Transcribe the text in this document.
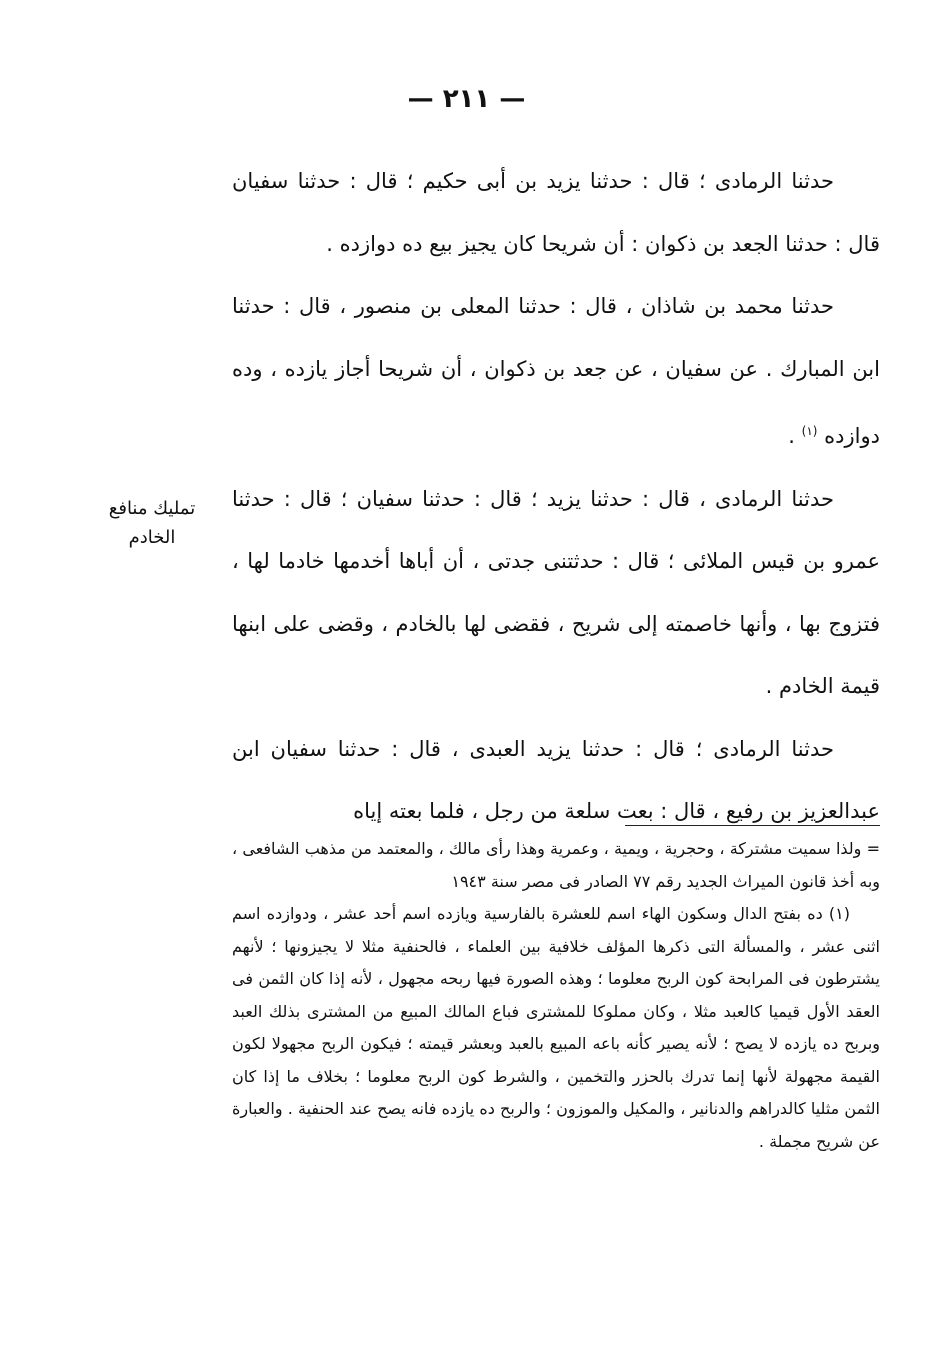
— ٢١١ —
تمليك منافع الخادم

حدثنا الرمادى ؛ قال : حدثنا يزيد بن أبى حكيم ؛ قال : حدثنا سفيان قال : حدثنا الجعد بن ذكوان : أن شريحا كان يجيز بيع ده دوازده .

حدثنا محمد بن شاذان ، قال : حدثنا المعلى بن منصور ، قال : حدثنا ابن المبارك . عن سفيان ، عن جعد بن ذكوان ، أن شريحا أجاز يازده ، وده دوازده $^{(١)}$ .

حدثنا الرمادى ، قال : حدثنا يزيد ؛ قال : حدثنا سفيان ؛ قال : حدثنا عمرو بن قيس الملائى ؛ قال : حدثتنى جدتى ، أن أباها أخدمها خادما لها ، فتزوج بها ، وأنها خاصمته إلى شريح ، فقضى لها بالخادم ، وقضى على ابنها قيمة الخادم .

حدثنا الرمادى ؛ قال : حدثنا يزيد العبدى ، قال : حدثنا سفيان ابن عبدالعزيز بن رفيع ، قال : بعت سلعة من رجل ، فلما بعته إياه

= ولذا سميت مشتركة ، وحجرية ، ويمية ، وعمرية وهذا رأى مالك ، والمعتمد من مذهب الشافعى ، وبه أخذ قانون الميراث الجديد رقم ٧٧ الصادر فى مصر سنة ١٩٤٣

(١) ده بفتح الدال وسكون الهاء اسم للعشرة بالفارسية ويازده اسم أحد عشر ، ودوازده اسم اثنى عشر ، والمسألة التى ذكرها المؤلف خلافية بين العلماء ، فالحنفية مثلا لا يجيزونها ؛ لأنهم يشترطون فى المرابحة كون الربح معلوما ؛ وهذه الصورة فيها ربحه مجهول ، لأنه إذا كان الثمن فى العقد الأول قيميا كالعبد مثلا ، وكان مملوكا للمشترى فباع المالك المبيع من المشترى بذلك العبد وبربح ده يازده لا يصح ؛ لأنه يصير كأنه باعه المبيع بالعبد وبعشر قيمته ؛ فيكون الربح مجهولا لكون القيمة مجهولة لأنها إنما تدرك بالحزر والتخمين ، والشرط كون الربح معلوما ؛ بخلاف ما إذا كان الثمن مثليا كالدراهم والدنانير ، والمكيل والموزون ؛ والربح ده يازده فانه يصح عند الحنفية . والعبارة عن شريح مجملة .
